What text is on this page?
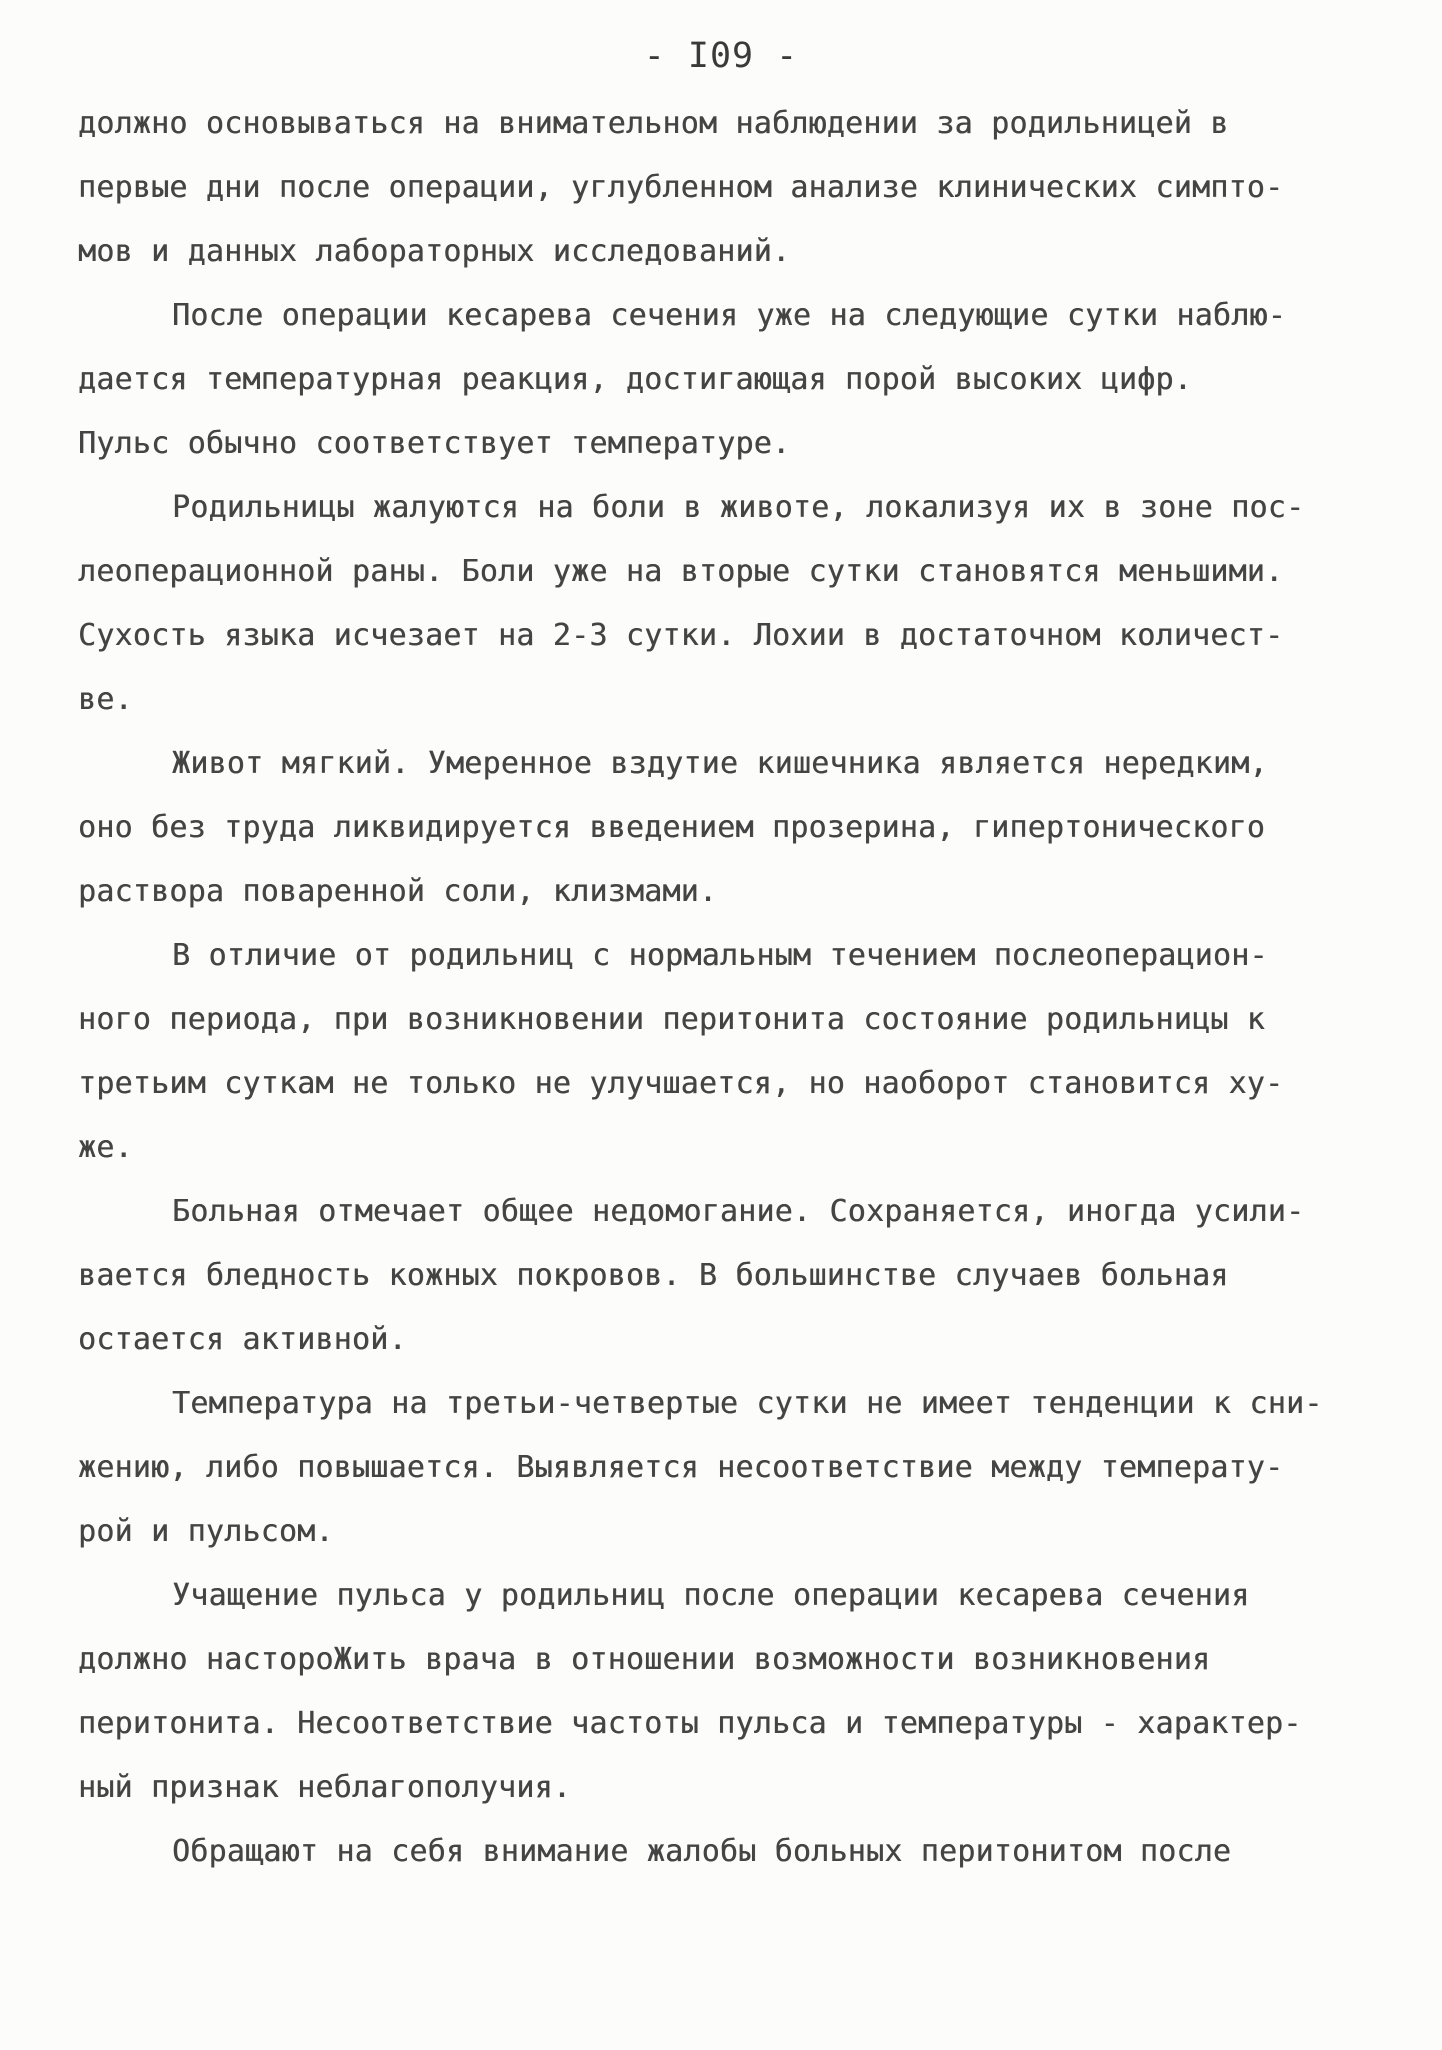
- I09 -
должно основываться на внимательном наблюдении за родильницей в
первые дни после операции, углубленном анализе клинических симпто-
мов и данных лабораторных исследований.
После операции кесарева сечения уже на следующие сутки наблю-
дается температурная реакция, достигающая порой высоких цифр.
Пульс обычно соответствует температуре.
Родильницы жалуются на боли в животе, локализуя их в зоне пос-
леоперационной раны. Боли уже на вторые сутки становятся меньшими.
Сухость языка исчезает на 2-3 сутки. Лохии в достаточном количест-
ве.
Живот мягкий. Умеренное вздутие кишечника является нередким,
оно без труда ликвидируется введением прозерина, гипертонического
раствора поваренной соли, клизмами.
В отличие от родильниц с нормальным течением послеоперацион-
ного периода, при возникновении перитонита состояние родильницы к
третьим суткам не только не улучшается, но наоборот становится ху-
же.
Больная отмечает общее недомогание. Сохраняется, иногда усили-
вается бледность кожных покровов. В большинстве случаев больная
остается активной.
Температура на третьи-четвертые сутки не имеет тенденции к сни-
жению, либо повышается. Выявляется несоответствие между температу-
рой и пульсом.
Учащение пульса у родильниц после операции кесарева сечения
должно настороЖить врача в отношении возможности возникновения
перитонита. Несоответствие частоты пульса и температуры - характер-
ный признак неблагополучия.
Обращают на себя внимание жалобы больных перитонитом после
